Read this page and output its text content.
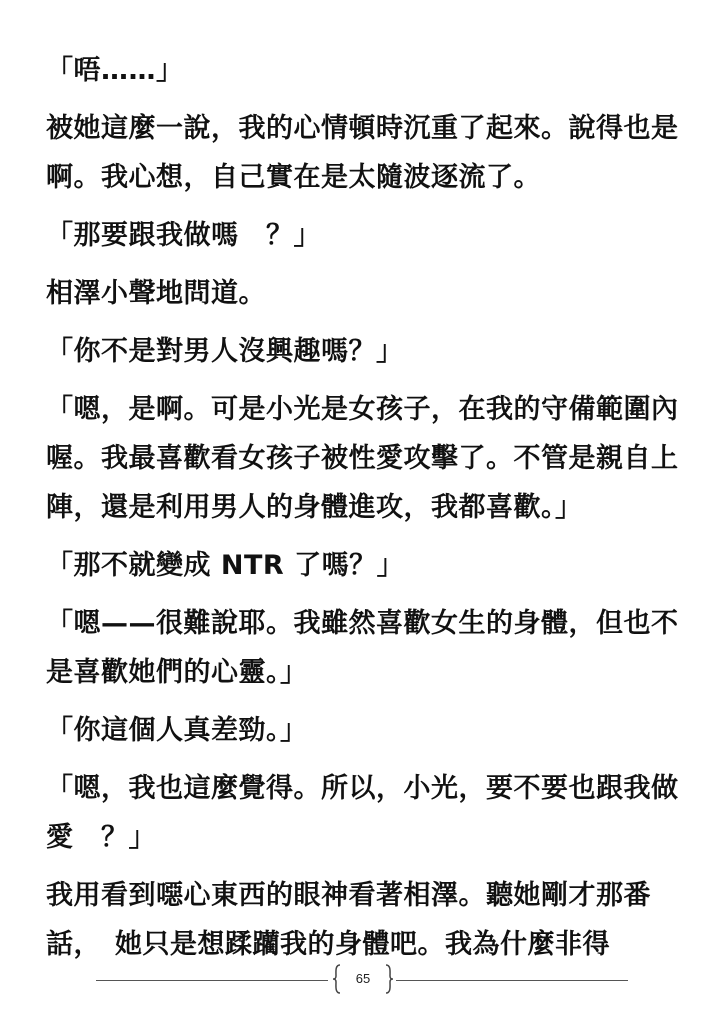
「唔……」

被她這麼一說，我的心情頓時沉重了起來。說得也是啊。我心想，自己實在是太隨波逐流了。

「那要跟我做嗎　？」

相澤小聲地問道。

「你不是對男人沒興趣嗎？」

「嗯，是啊。可是小光是女孩子，在我的守備範圍內喔。我最喜歡看女孩子被性愛攻擊了。不管是親自上陣，還是利用男人的身體進攻，我都喜歡。」

「那不就變成 NTR 了嗎？」

「嗯——很難說耶。我雖然喜歡女生的身體，但也不是喜歡她們的心靈。」

「你這個人真差勁。」

「嗯，我也這麼覺得。所以，小光，要不要也跟我做愛　？」

我用看到噁心東西的眼神看著相澤。聽她剛才那番話，　她只是想蹂躪我的身體吧。我為什麼非得

65
